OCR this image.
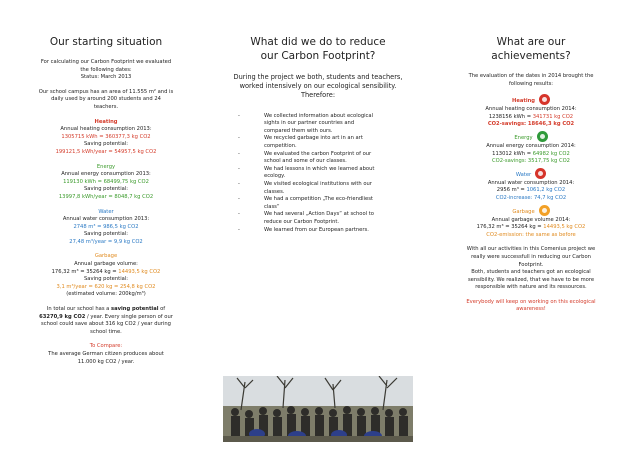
Our starting situation

For calculating our Carbon Footprint we evaluated

the following dates:

Status: March 2013

Our school campus has an area of 11.555 m² and is

daily used by around 200 students and 24

teachers.

Heating

Annual heating consumption 2013:

1305715 kWh = 360377,3 kg CO2

Saving potential:

199121,5 kWh/year = 54957,5 kg CO2

Energy

Annual energy consumption 2013:

119130 kWh = 68499,75 kg CO2

Saving potential:

13997,8 kWh/year = 8048,7 kg CO2

Water

Annual water consumption 2013:

2748 m³ = 986,5 kg CO2

Saving potential:

27,48 m³/year = 9,9 kg CO2

Garbage

Annual garbage volume:

176,32 m³ = 35264 kg = 14493,5 kg CO2

Saving potential:

3,1 m³/year = 620 kg = 254,8 kg CO2

(estimated volume: 200kg/m³)

In total our school has a saving potential of

63270,9 kg CO2 / year. Every single person of our

school could save about 316 kg CO2 / year during

school time.

To Compare:

The average German citizen produces about

11.000 kg CO2 / year.

What did we do to reduce our Carbon Footprint?

During the project we both, students and teachers, worked intensively on our ecological sensibility. Therefore:

- We collected information about ecological sights in our partner countries and compared them with ours.
- We recycled garbage into art in an art competition.
- We evaluated the carbon Footprint of our school and some of our classes.
- We had lessons in which we learned about ecology.
- We visited ecological institutions with our classes.
- We had a competition „The eco-friendliest class“
- We had several „Action Days“ at school to reduce our Carbon Footprint.
- We learned from our European partners.
What are our achievements?

The evaluation of the dates in 2014 brought the

following results:

Heating

Annual heating consumption 2014:

1238156 kWh = 341731 kg CO2

CO2-savings: 18646,3 kg CO2

Energy

Annual energy consumption 2014:

113012 kWh = 64982 kg CO2

CO2-savings: 3517,75 kg CO2

Water

Annual water consumption 2014:

2956 m³ = 1061,2 kg CO2

CO2-increase: 74,7 kg CO2

Garbage

Annual garbage volume 2014:

176,32 m³ = 35264 kg = 14493,5 kg CO2

CO2-emission: the same as before

With all our activities in this Comenius project we

really were successfull in reducing our Carbon

Footprint.

Both, students and teachers got an ecological

sensibility. We realized, that we have to be more

responsible with nature and its ressources.

Everybody will keep on working on this ecological

awareness!
